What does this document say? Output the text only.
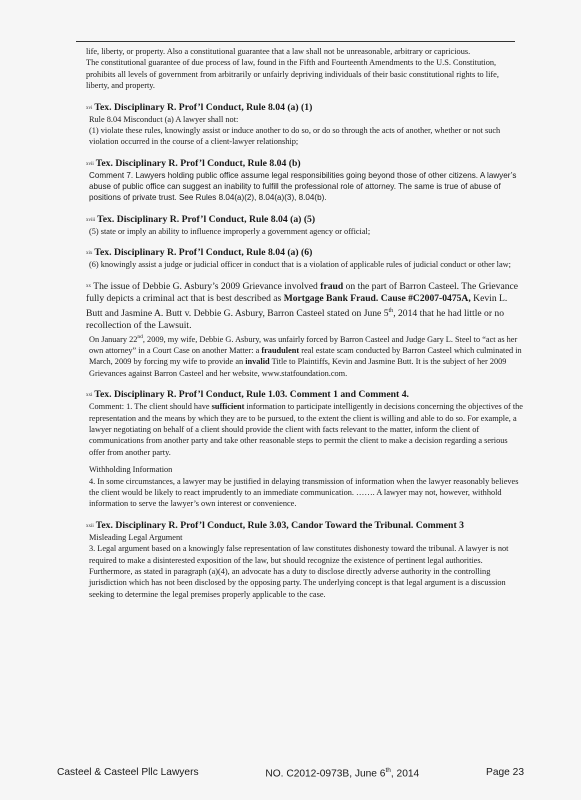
life, liberty, or property. Also a constitutional guarantee that a law shall not be unreasonable, arbitrary or capricious.
The constitutional guarantee of due process of law, found in the Fifth and Fourteenth Amendments to the U.S. Constitution, prohibits all levels of government from arbitrarily or unfairly depriving individuals of their basic constitutional rights to life, liberty, and property.
$^{xvi}$ Tex. Disciplinary R. Prof’l Conduct, Rule 8.04 (a) (1)
Rule 8.04 Misconduct (a) A lawyer shall not:
(1) violate these rules, knowingly assist or induce another to do so, or do so through the acts of another, whether or not such violation occurred in the course of a client-lawyer relationship;
$^{xvii}$ Tex. Disciplinary R. Prof’l Conduct, Rule 8.04 (b)
Comment 7. Lawyers holding public office assume legal responsibilities going beyond those of other citizens. A lawyer’s abuse of public office can suggest an inability to fulfill the professional role of attorney. The same is true of abuse of positions of private trust. See Rules 8.04(a)(2), 8.04(a)(3), 8.04(b).
$^{xviii}$ Tex. Disciplinary R. Prof’l Conduct, Rule 8.04 (a) (5)
(5) state or imply an ability to influence improperly a government agency or official;
$^{xix}$ Tex. Disciplinary R. Prof’l Conduct, Rule 8.04 (a) (6)
(6) knowingly assist a judge or judicial officer in conduct that is a violation of applicable rules of judicial conduct or other law;
$^{xx}$ The issue of Debbie G. Asbury’s 2009 Grievance involved fraud on the part of Barron Casteel. The Grievance fully depicts a criminal act that is best described as Mortgage Bank Fraud. Cause #C2007-0475A, Kevin L. Butt and Jasmine A. Butt v. Debbie G. Asbury, Barron Casteel stated on June 5th, 2014 that he had little or no recollection of the Lawsuit.
On January 22nd, 2009, my wife, Debbie G. Asbury, was unfairly forced by Barron Casteel and Judge Gary L. Steel to “act as her own attorney” in a Court Case on another Matter: a fraudulent real estate scam conducted by Barron Casteel which culminated in March, 2009 by forcing my wife to provide an invalid Title to Plaintiffs, Kevin and Jasmine Butt. It is the subject of her 2009 Grievances against Barron Casteel and her website, www.statfoundation.com.
$^{xxi}$ Tex. Disciplinary R. Prof’l Conduct, Rule 1.03. Comment 1 and Comment 4.
Comment: 1. The client should have sufficient information to participate intelligently in decisions concerning the objectives of the representation and the means by which they are to be pursued, to the extent the client is willing and able to do so. For example, a lawyer negotiating on behalf of a client should provide the client with facts relevant to the matter, inform the client of communications from another party and take other reasonable steps to permit the client to make a decision regarding a serious offer from another party.
Withholding Information
4. In some circumstances, a lawyer may be justified in delaying transmission of information when the lawyer reasonably believes the client would be likely to react imprudently to an immediate communication. ……. A lawyer may not, however, withhold information to serve the lawyer’s own interest or convenience.
$^{xxii}$ Tex. Disciplinary R. Prof’l Conduct, Rule 3.03, Candor Toward the Tribunal. Comment 3
Misleading Legal Argument
3. Legal argument based on a knowingly false representation of law constitutes dishonesty toward the tribunal. A lawyer is not required to make a disinterested exposition of the law, but should recognize the existence of pertinent legal authorities. Furthermore, as stated in paragraph (a)(4), an advocate has a duty to disclose directly adverse authority in the controlling jurisdiction which has not been disclosed by the opposing party. The underlying concept is that legal argument is a discussion seeking to determine the legal premises properly applicable to the case.
Casteel & Casteel Pllc Lawyers	NO. C2012-0973B, June 6th, 2014	Page 23
